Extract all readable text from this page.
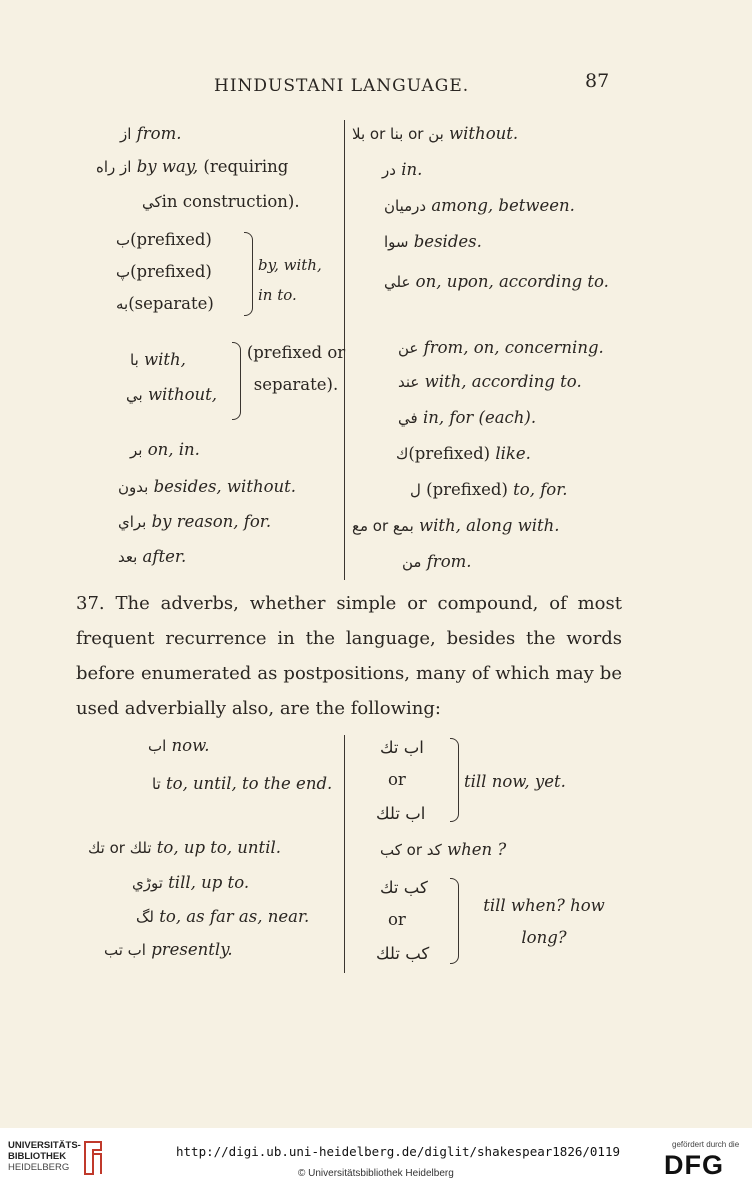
HINDUSTANI LANGUAGE.	87
از from.
از راه by way, (requiring
كيin construction).
ب(prefixed)
پ(prefixed)
به(separate)
by, with, in to.
با with,
بي without,
(prefixed or separate).
بر on, in.
بدون besides, without.
براي by reason, for.
بعد after.
بلا or بنا or بن without.
در in.
درميان among, between.
سوا besides.
علي on, upon, according to.
عن from, on, concerning.
عند with, according to.
في in, for (each).
ك(prefixed) like.
ل (prefixed) to, for.
مع or بمع with, along with.
من from.
37. The adverbs, whether simple or compound, of most frequent recurrence in the language, besides the words before enumerated as postpositions, many of which may be used adverbially also, are the following:
اب now.
تا to, until, to the end.
تك or تلك to, up to, until.
توڑي till, up to.
لگ to, as far as, near.
اب تب presently.
اب تك
or
اب تلك
till now, yet.
كب or كد when ?
كب تك
or
كب تلك
till when? how long?
UNIVERSITÄTS-
BIBLIOTHEK
HEIDELBERG
http://digi.ub.uni-heidelberg.de/diglit/shakespear1826/0119
© Universitätsbibliothek Heidelberg
gefördert durch die
DFG
